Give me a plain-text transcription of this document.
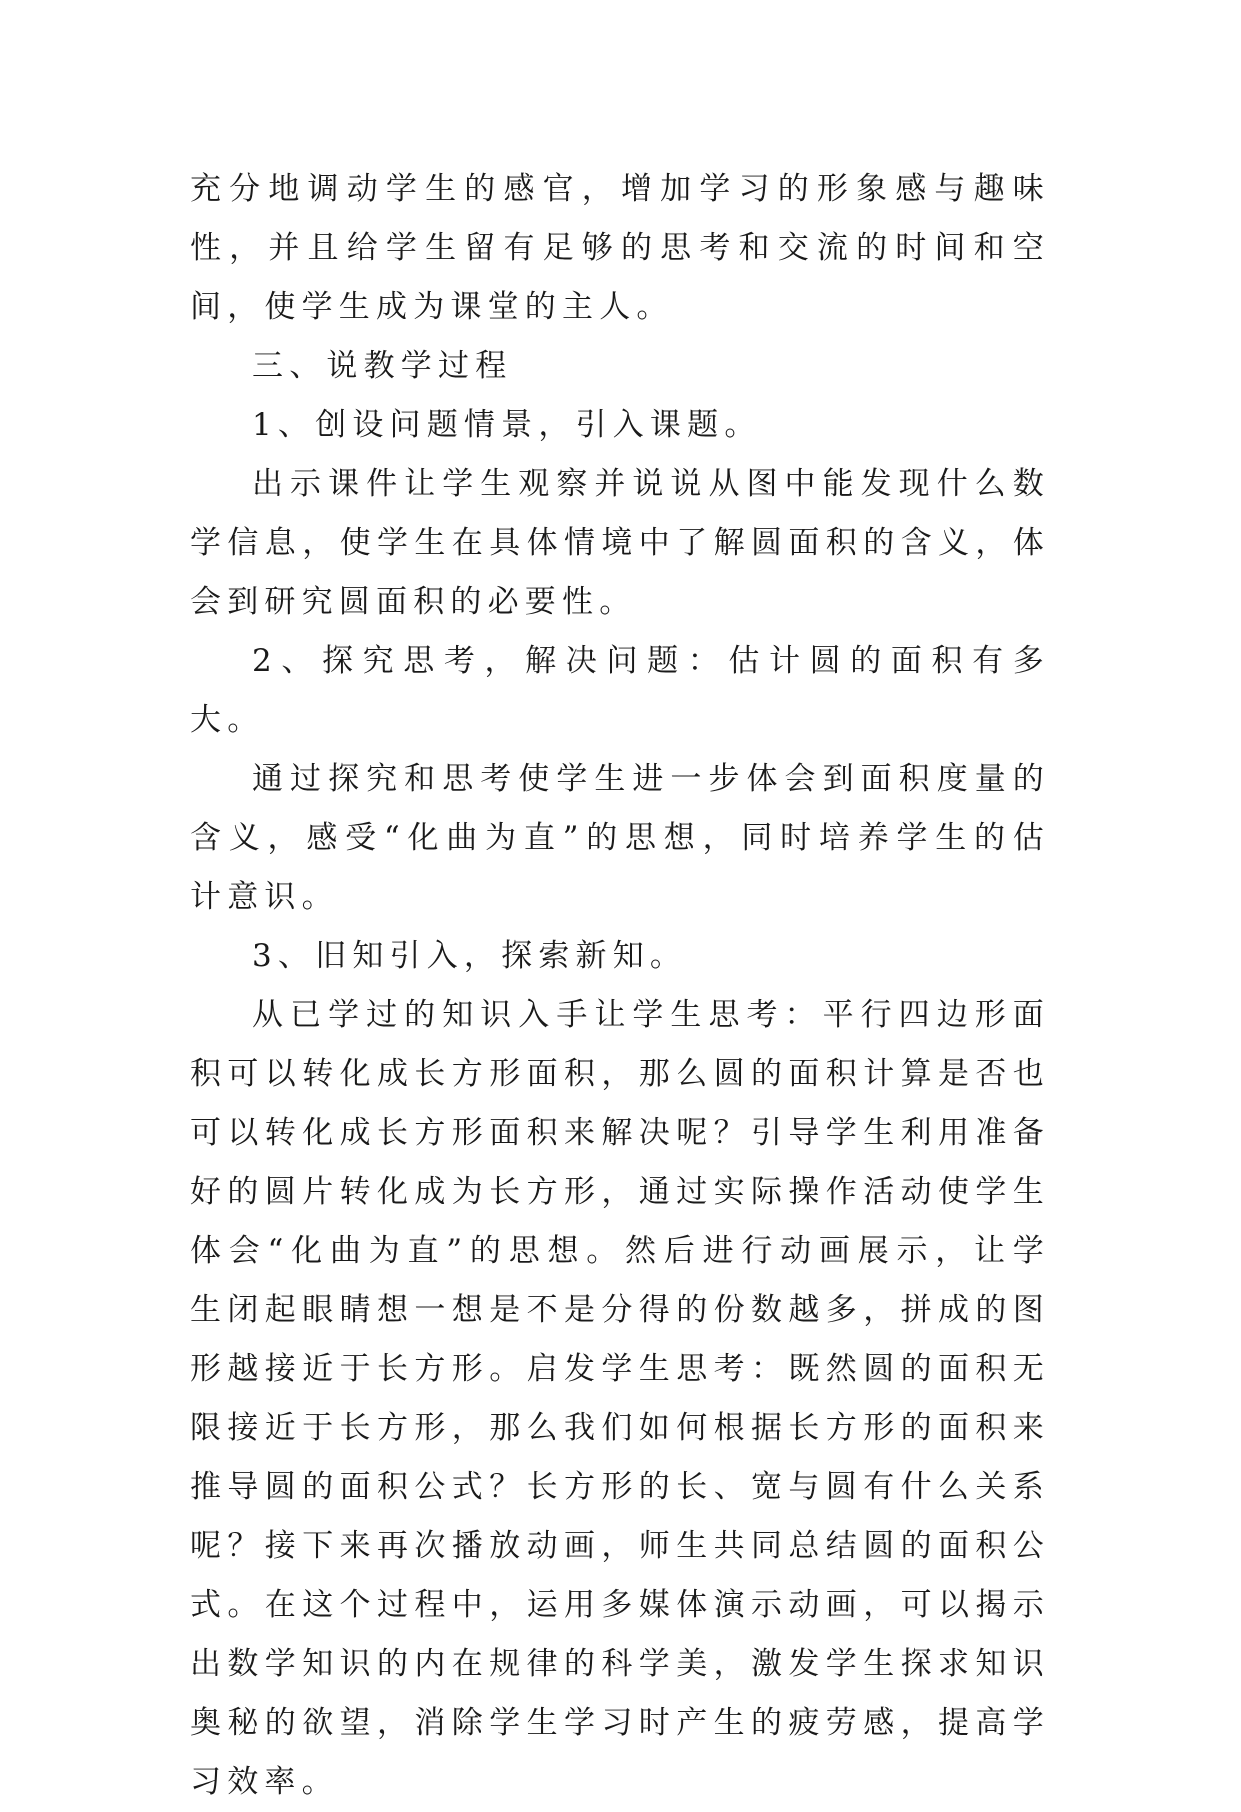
充分地调动学生的感官，增加学习的形象感与趣味性，并且给学生留有足够的思考和交流的时间和空间，使学生成为课堂的主人。

三、说教学过程

1、创设问题情景，引入课题。

出示课件让学生观察并说说从图中能发现什么数学信息，使学生在具体情境中了解圆面积的含义，体会到研究圆面积的必要性。

2、探究思考，解决问题：估计圆的面积有多大。

通过探究和思考使学生进一步体会到面积度量的含义，感受“化曲为直”的思想，同时培养学生的估计意识。

3、旧知引入，探索新知。

从已学过的知识入手让学生思考：平行四边形面积可以转化成长方形面积，那么圆的面积计算是否也可以转化成长方形面积来解决呢？引导学生利用准备好的圆片转化成为长方形，通过实际操作活动使学生体会“化曲为直”的思想。然后进行动画展示，让学生闭起眼睛想一想是不是分得的份数越多，拼成的图形越接近于长方形。启发学生思考：既然圆的面积无限接近于长方形，那么我们如何根据长方形的面积来推导圆的面积公式？长方形的长、宽与圆有什么关系呢？接下来再次播放动画，师生共同总结圆的面积公式。在这个过程中，运用多媒体演示动画，可以揭示出数学知识的内在规律的科学美，激发学生探求知识奥秘的欲望，消除学生学习时产生的疲劳感，提高学习效率。
